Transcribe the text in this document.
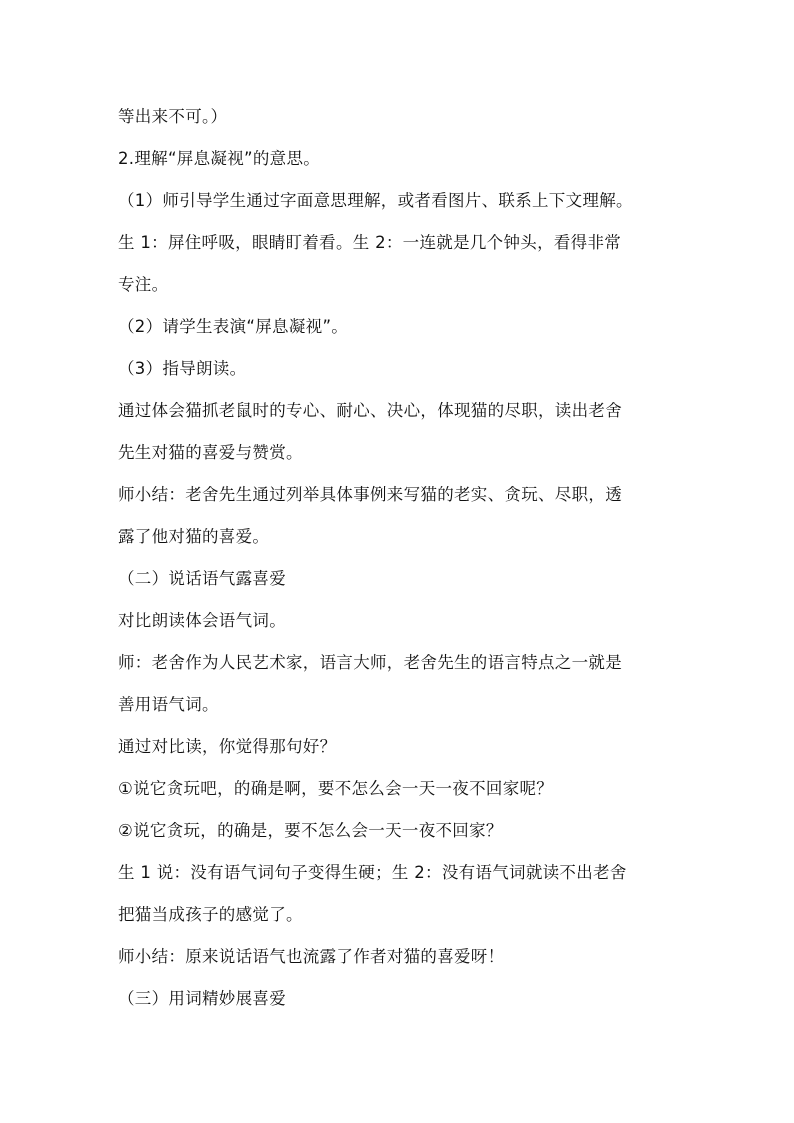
等出来不可。）
2.理解“屏息凝视”的意思。
（1）师引导学生通过字面意思理解，或者看图片、联系上下文理解。
生 1：屏住呼吸，眼睛盯着看。生 2：一连就是几个钟头，看得非常
专注。
（2）请学生表演“屏息凝视”。
（3）指导朗读。
通过体会猫抓老鼠时的专心、耐心、决心，体现猫的尽职，读出老舍
先生对猫的喜爱与赞赏。
师小结：老舍先生通过列举具体事例来写猫的老实、贪玩、尽职，透
露了他对猫的喜爱。
（二）说话语气露喜爱
对比朗读体会语气词。
师：老舍作为人民艺术家，语言大师，老舍先生的语言特点之一就是
善用语气词。
通过对比读，你觉得那句好？
①说它贪玩吧，的确是啊，要不怎么会一天一夜不回家呢？
②说它贪玩，的确是，要不怎么会一天一夜不回家？
生 1 说：没有语气词句子变得生硬；生 2：没有语气词就读不出老舍
把猫当成孩子的感觉了。
师小结：原来说话语气也流露了作者对猫的喜爱呀！
（三）用词精妙展喜爱
